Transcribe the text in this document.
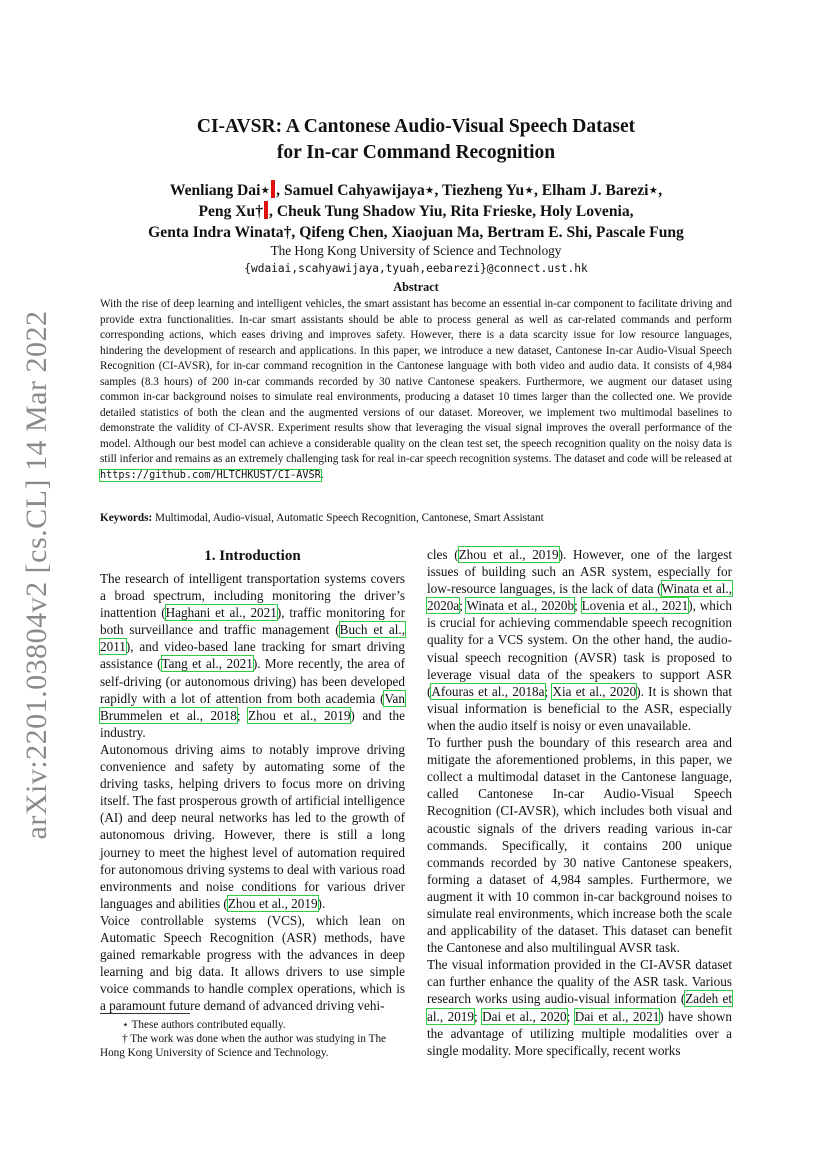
arXiv:2201.03804v2 [cs.CL] 14 Mar 2022
CI-AVSR: A Cantonese Audio-Visual Speech Dataset
for In-car Command Recognition
Wenliang Dai⋆ , Samuel Cahyawijaya⋆, Tiezheng Yu⋆, Elham J. Barezi⋆,
Peng Xu† , Cheuk Tung Shadow Yiu, Rita Frieske, Holy Lovenia,
Genta Indra Winata†, Qifeng Chen, Xiaojuan Ma, Bertram E. Shi, Pascale Fung
The Hong Kong University of Science and Technology
{wdaiai,scahyawijaya,tyuah,eebarezi}@connect.ust.hk
Abstract
With the rise of deep learning and intelligent vehicles, the smart assistant has become an essential in-car component to facilitate driving and provide extra functionalities. In-car smart assistants should be able to process general as well as car-related commands and perform corresponding actions, which eases driving and improves safety. However, there is a data scarcity issue for low resource languages, hindering the development of research and applications. In this paper, we introduce a new dataset, Cantonese In-car Audio-Visual Speech Recognition (CI-AVSR), for in-car command recognition in the Cantonese language with both video and audio data. It consists of 4,984 samples (8.3 hours) of 200 in-car commands recorded by 30 native Cantonese speakers. Furthermore, we augment our dataset using common in-car background noises to simulate real environments, producing a dataset 10 times larger than the collected one. We provide detailed statistics of both the clean and the augmented versions of our dataset. Moreover, we implement two multimodal baselines to demonstrate the validity of CI-AVSR. Experiment results show that leveraging the visual signal improves the overall performance of the model. Although our best model can achieve a considerable quality on the clean test set, the speech recognition quality on the noisy data is still inferior and remains as an extremely challenging task for real in-car speech recognition systems. The dataset and code will be released at https://github.com/HLTCHKUST/CI-AVSR.
Keywords: Multimodal, Audio-visual, Automatic Speech Recognition, Cantonese, Smart Assistant
1. Introduction

The research of intelligent transportation systems covers a broad spectrum, including monitoring the driver’s inattention (Haghani et al., 2021), traffic monitoring for both surveillance and traffic management (Buch et al., 2011), and video-based lane tracking for smart driving assistance (Tang et al., 2021). More recently, the area of self-driving (or autonomous driving) has been developed rapidly with a lot of attention from both academia (Van Brummelen et al., 2018; Zhou et al., 2019) and the industry.

Autonomous driving aims to notably improve driving convenience and safety by automating some of the driving tasks, helping drivers to focus more on driving itself. The fast prosperous growth of artificial intelligence (AI) and deep neural networks has led to the growth of autonomous driving. However, there is still a long journey to meet the highest level of automation required for autonomous driving systems to deal with various road environments and noise conditions for various driver languages and abilities (Zhou et al., 2019).

Voice controllable systems (VCS), which lean on Automatic Speech Recognition (ASR) methods, have gained remarkable progress with the advances in deep learning and big data. It allows drivers to use simple voice commands to handle complex operations, which is a paramount future demand of advanced driving vehi-

⋆ These authors contributed equally.

† The work was done when the author was studying in The Hong Kong University of Science and Technology.

cles (Zhou et al., 2019). However, one of the largest issues of building such an ASR system, especially for low-resource languages, is the lack of data (Winata et al., 2020a; Winata et al., 2020b; Lovenia et al., 2021), which is crucial for achieving commendable speech recognition quality for a VCS system. On the other hand, the audio-visual speech recognition (AVSR) task is proposed to leverage visual data of the speakers to support ASR (Afouras et al., 2018a; Xia et al., 2020). It is shown that visual information is beneficial to the ASR, especially when the audio itself is noisy or even unavailable.

To further push the boundary of this research area and mitigate the aforementioned problems, in this paper, we collect a multimodal dataset in the Cantonese language, called Cantonese In-car Audio-Visual Speech Recognition (CI-AVSR), which includes both visual and acoustic signals of the drivers reading various in-car commands. Specifically, it contains 200 unique commands recorded by 30 native Cantonese speakers, forming a dataset of 4,984 samples. Furthermore, we augment it with 10 common in-car background noises to simulate real environments, which increase both the scale and applicability of the dataset. This dataset can benefit the Cantonese and also multilingual AVSR task.

The visual information provided in the CI-AVSR dataset can further enhance the quality of the ASR task. Various research works using audio-visual information (Zadeh et al., 2019; Dai et al., 2020; Dai et al., 2021) have shown the advantage of utilizing multiple modalities over a single modality. More specifically, recent works
